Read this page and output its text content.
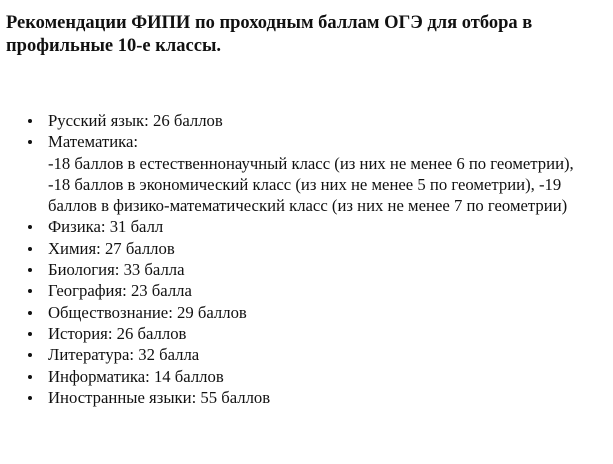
Рекомендации ФИПИ по проходным баллам ОГЭ для отбора в профильные 10-е классы.
Русский язык: 26 баллов
Математика:
-18 баллов в естественнонаучный класс (из них не менее 6 по геометрии),
-18 баллов в экономический класс (из них не менее 5 по геометрии), -19 баллов в физико-математический класс (из них не менее 7 по геометрии)
Физика: 31 балл
Химия: 27 баллов
Биология: 33 балла
География: 23 балла
Обществознание: 29 баллов
История: 26 баллов
Литература: 32 балла
Информатика: 14 баллов
Иностранные языки: 55 баллов
